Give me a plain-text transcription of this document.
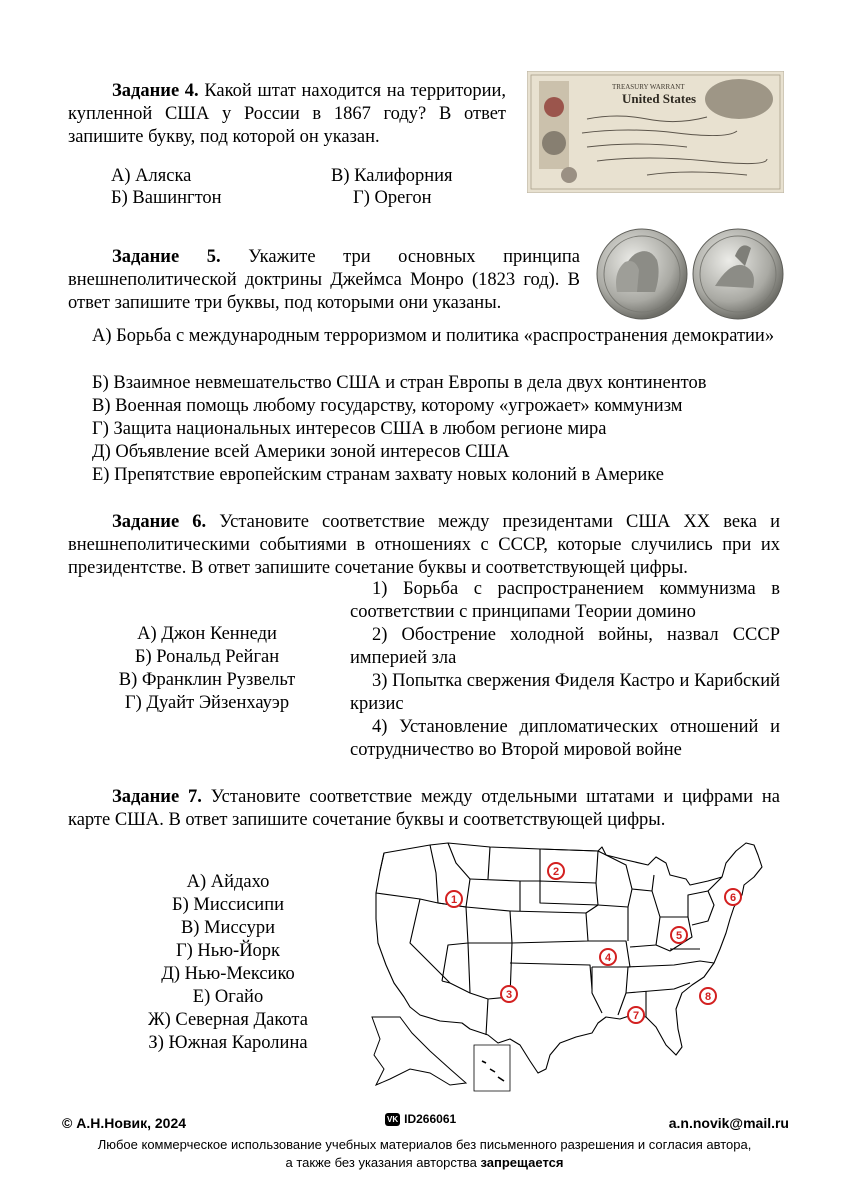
Задание 4. Какой штат находится на территории, купленной США у России в 1867 году? В ответ запишите букву, под которой он указан.
А) Аляска	В) Калифорния
Б) Вашингтон	Г) Орегон
TREASURY WARRANT
United States
Задание 5. Укажите три основных принципа внешнеполитической доктрины Джеймса Монро (1823 год). В ответ запишите три буквы, под которыми они указаны.
А) Борьба с международным терроризмом и политика «распространения демократии»
Б) Взаимное невмешательство США и стран Европы в дела двух континентов
В) Военная помощь любому государству, которому «угрожает» коммунизм
Г) Защита национальных интересов США в любом регионе мира
Д) Объявление всей Америки зоной интересов США
Е) Препятствие европейским странам захвату новых колоний в Америке
Задание 6. Установите соответствие между президентами США XX века и внешнеполитическими событиями в отношениях с СССР, которые случились при их президентстве. В ответ запишите сочетание буквы и соответствующей цифры.
А) Джон Кеннеди
Б) Рональд Рейган
В) Франклин Рузвельт
Г) Дуайт Эйзенхауэр
1) Борьба с распространением коммунизма в соответствии с принципами Теории домино
2) Обострение холодной войны, назвал СССР империей зла
3) Попытка свержения Фиделя Кастро и Карибский кризис
4) Установление дипломатических отношений и сотрудничество во Второй мировой войне
Задание 7. Установите соответствие между отдельными штатами и цифрами на карте США. В ответ запишите сочетание буквы и соответствующей цифры.
А) Айдахо
Б) Миссисипи
В) Миссури
Г) Нью-Йорк
Д) Нью-Мексико
Е) Огайо
Ж) Северная Дакота
З) Южная Каролина
1
2
3
4
5
6
7
8
© А.Н.Новик, 2024	VK ID266061	a.n.novik@mail.ru
Любое коммерческое использование учебных материалов без письменного разрешения и согласия автора,
а также без указания авторства запрещается
